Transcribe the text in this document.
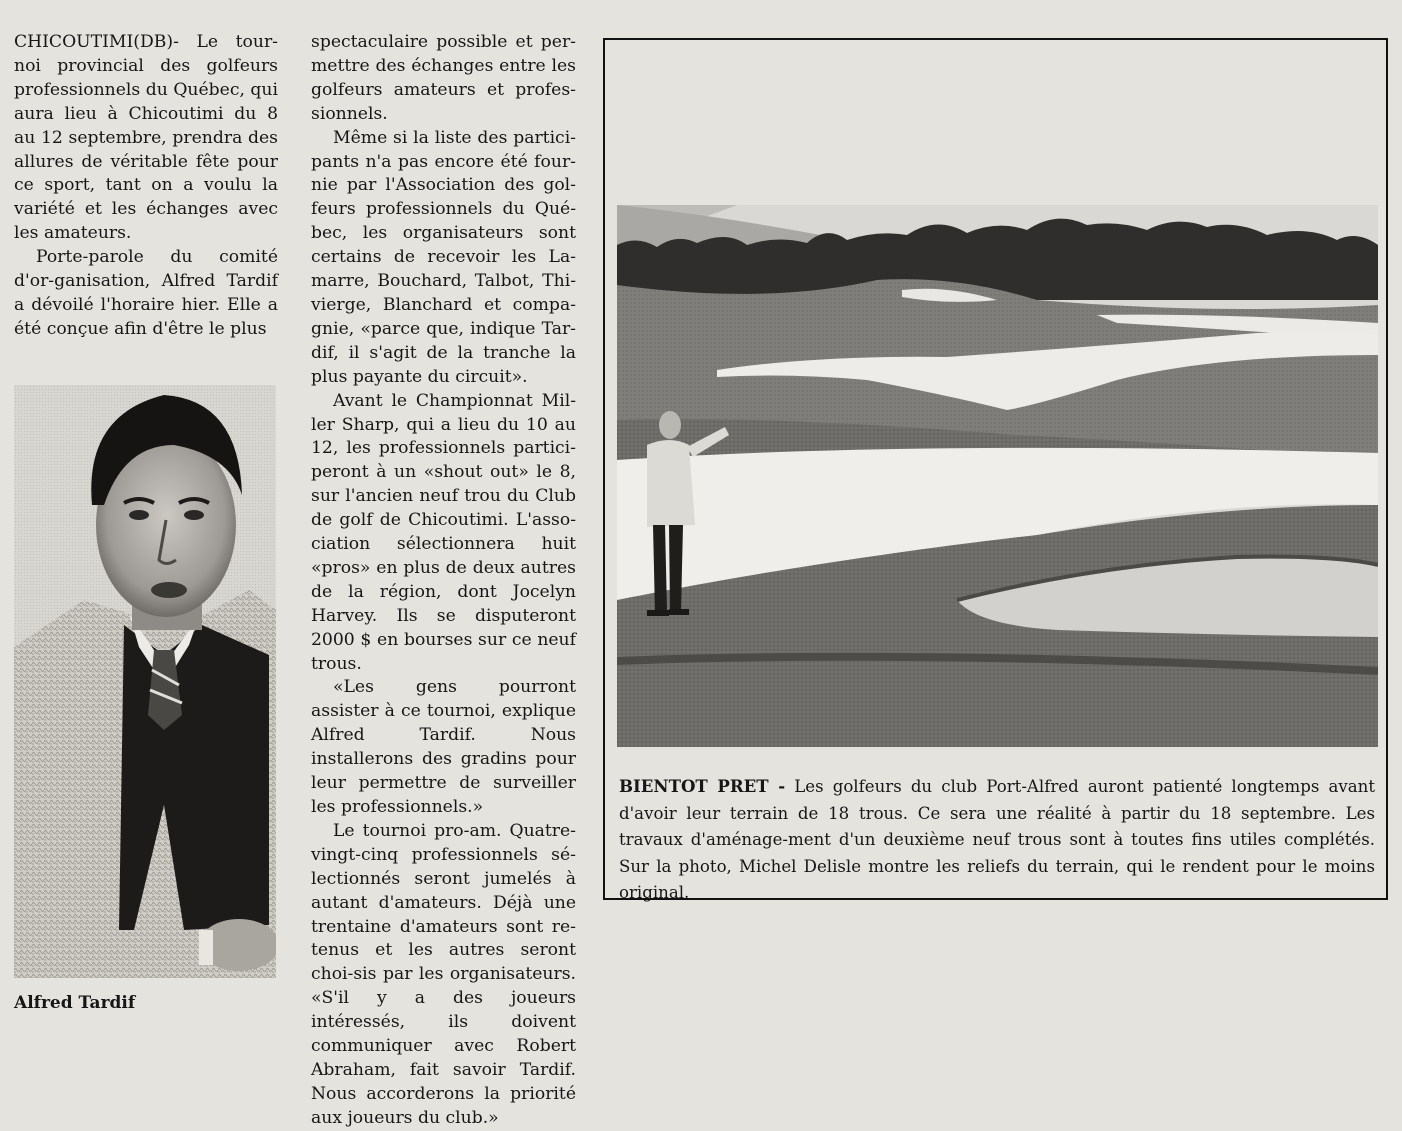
CHICOUTIMI(DB)- Le tour-noi provincial des golfeurs professionnels du Québec, qui aura lieu à Chicoutimi du 8 au 12 septembre, prendra des allures de véritable fête pour ce sport, tant on a voulu la variété et les échanges avec les amateurs.

Porte-parole du comité d'or-ganisation, Alfred Tardif a dévoilé l'horaire hier. Elle a été conçue afin d'être le plus

Alfred Tardif

spectaculaire possible et per-mettre des échanges entre les golfeurs amateurs et profes-sionnels.

Même si la liste des partici-pants n'a pas encore été four-nie par l'Association des gol-feurs professionnels du Qué-bec, les organisateurs sont certains de recevoir les La-marre, Bouchard, Talbot, Thi-vierge, Blanchard et compa-gnie, «parce que, indique Tar-dif, il s'agit de la tranche la plus payante du circuit».

Avant le Championnat Mil-ler Sharp, qui a lieu du 10 au 12, les professionnels partici-peront à un «shout out» le 8, sur l'ancien neuf trou du Club de golf de Chicoutimi. L'asso-ciation sélectionnera huit «pros» en plus de deux autres de la région, dont Jocelyn Harvey. Ils se disputeront 2000 $ en bourses sur ce neuf trous.

«Les gens pourront assister à ce tournoi, explique Alfred Tardif. Nous installerons des gradins pour leur permettre de surveiller les professionnels.»

Le tournoi pro-am. Quatre-vingt-cinq professionnels sé-lectionnés seront jumelés à autant d'amateurs. Déjà une trentaine d'amateurs sont re-tenus et les autres seront choi-sis par les organisateurs. «S'il y a des joueurs intéressés, ils doivent communiquer avec Robert Abraham, fait savoir Tardif. Nous accorderons la priorité aux joueurs du club.»

BIENTOT PRET - Les golfeurs du club Port-Alfred auront patienté longtemps avant d'avoir leur terrain de 18 trous. Ce sera une réalité à partir du 18 septembre. Les travaux d'aménage-ment d'un deuxième neuf trous sont à toutes fins utiles complétés. Sur la photo, Michel Delisle montre les reliefs du terrain, qui le rendent pour le moins original.
